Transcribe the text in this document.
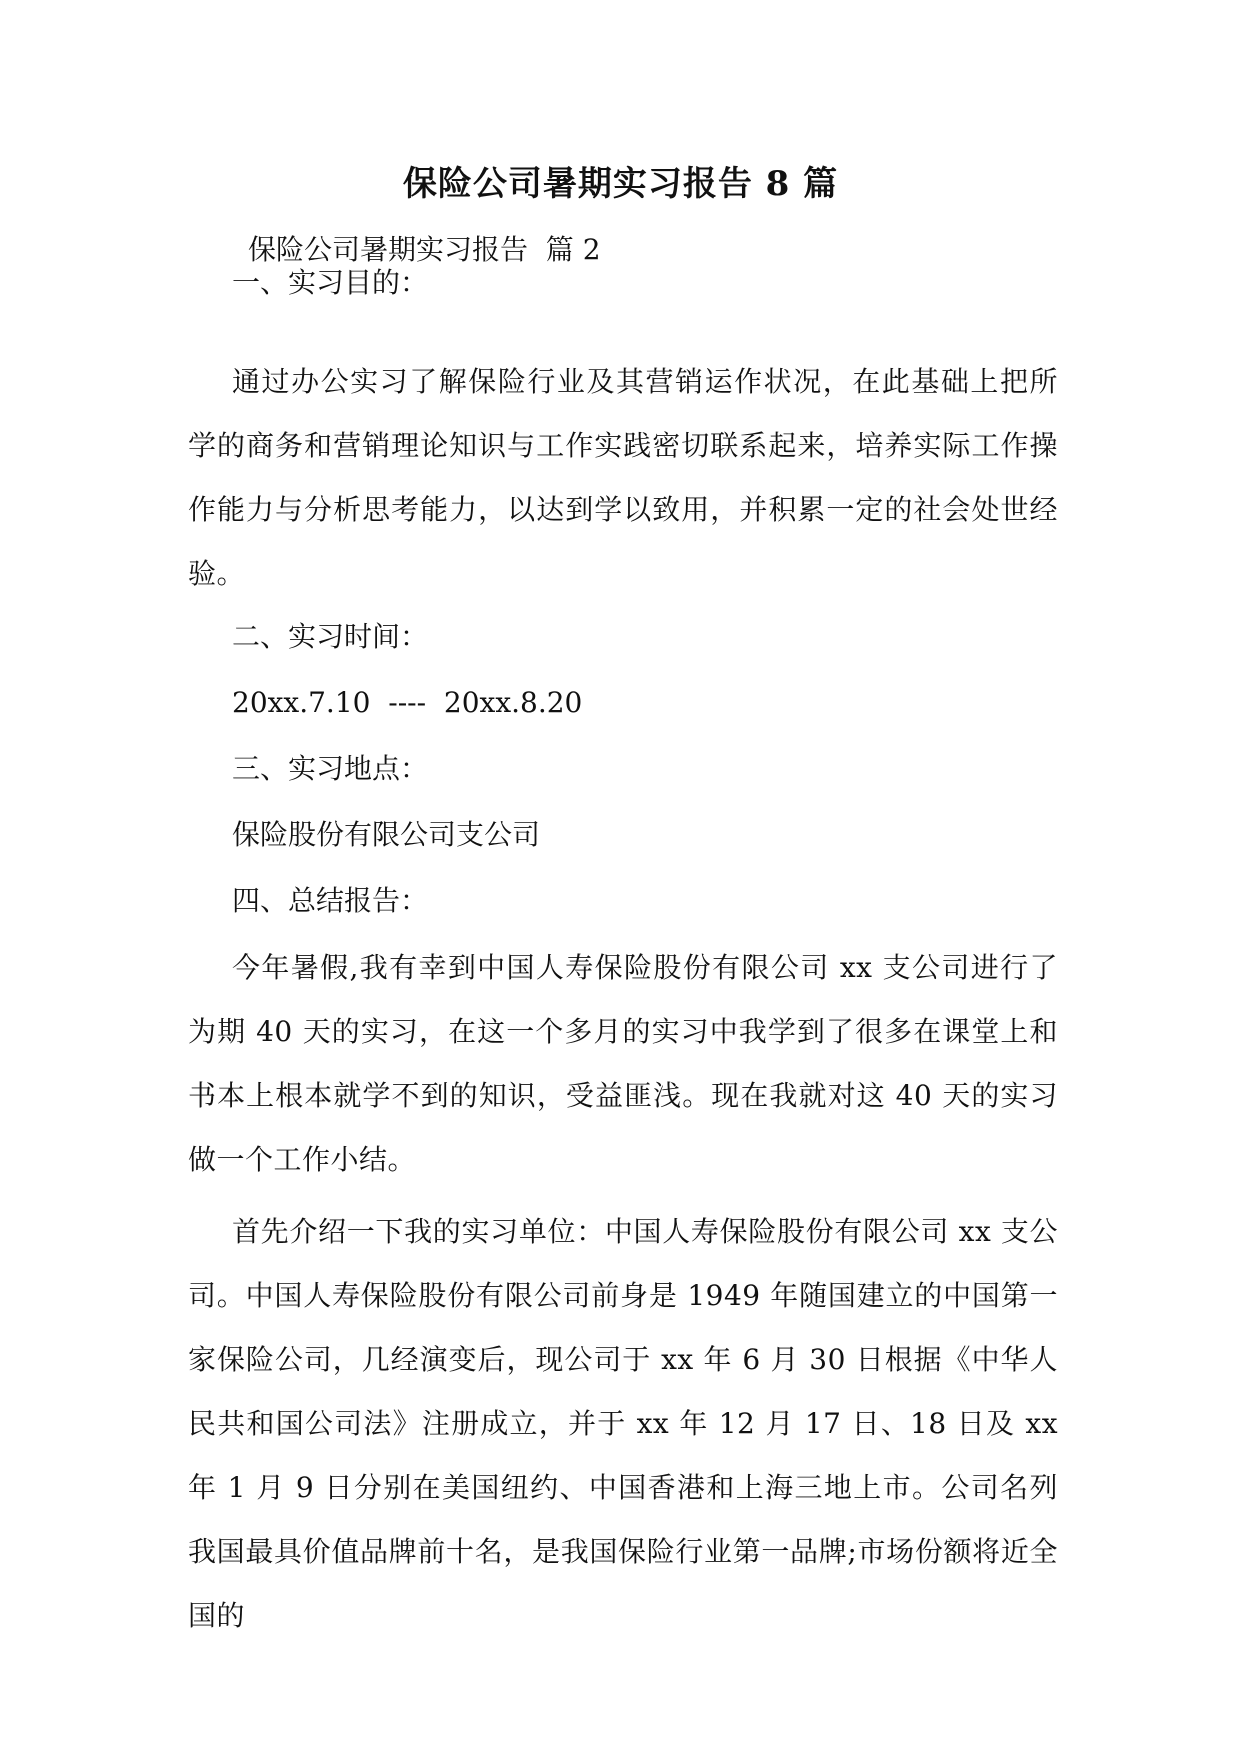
保险公司暑期实习报告 8 篇
保险公司暑期实习报告  篇 2
一、实习目的：
通过办公实习了解保险行业及其营销运作状况，在此基础上把所学的商务和营销理论知识与工作实践密切联系起来，培养实际工作操作能力与分析思考能力，以达到学以致用，并积累一定的社会处世经验。
二、实习时间：
20xx.7.10  ----  20xx.8.20
三、实习地点：
保险股份有限公司支公司
四、总结报告：
今年暑假,我有幸到中国人寿保险股份有限公司 xx 支公司进行了为期 40 天的实习，在这一个多月的实习中我学到了很多在课堂上和书本上根本就学不到的知识，受益匪浅。现在我就对这 40 天的实习做一个工作小结。
首先介绍一下我的实习单位：中国人寿保险股份有限公司 xx 支公司。中国人寿保险股份有限公司前身是 1949 年随国建立的中国第一家保险公司，几经演变后，现公司于 xx 年 6 月 30 日根据《中华人民共和国公司法》注册成立，并于 xx 年 12 月 17 日、18 日及 xx 年 1 月 9 日分别在美国纽约、中国香港和上海三地上市。公司名列我国最具价值品牌前十名，是我国保险行业第一品牌;市场份额将近全国的
